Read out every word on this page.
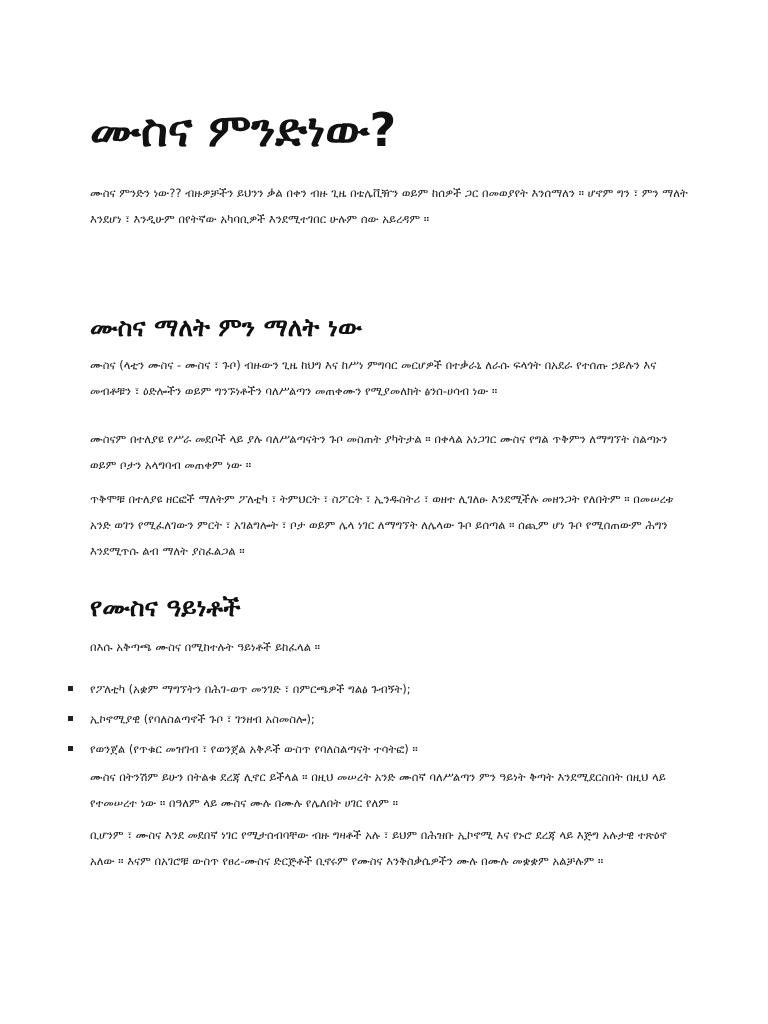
ሙስና ምንድነው?

ሙስና ምንድን ነው?? ብዙዎቻችን ይህንን ቃል በቀን ብዙ ጊዜ በቴሌቪዥን ወይም ከሰዎች ጋር በመወያየት እንሰማለን ። ሆኖም ግን ፣ ምን ማለት እንደሆነ ፣ እንዲሁም በየትኛው አካባቢዎች እንደሚተገበር ሁሉም ሰው አይረዳም ።

ሙስና ማለት ምን ማለት ነው

ሙስና (ላቲን ሙስና - ሙስና ፣ ጉቦ) ብዙውን ጊዜ ከህግ እና ከሥነ ምግባር መርሆዎች በተቃራኒ ለራሱ ፍላጎት በአደራ የተሰጡ ኃይሉን እና መብቶቹን ፣ ዕድሎችን ወይም ግንኙነቶችን ባለሥልጣን መጠቀሙን የሚያመለክት ፅንሰ-ሀሳብ ነው ።

ሙስናም በተለያዩ የሥራ መደቦች ላይ ያሉ ባለሥልጣናትን ጉቦ መስጠት ያካትታል ። በቀላል አነጋገር ሙስና የግል ጥቅምን ለማግኘት ስልጣኑን ወይም ቦታን አላግባብ መጠቀም ነው ።

ጥቅሞቹ በተለያዩ ዘርፎች ማለትም ፖለቲካ ፣ ትምህርት ፣ ስፖርት ፣ ኢንዱስትሪ ፣ ወዘተ ሊገለፁ እንደሚችሉ መዘንጋት የለበትም ። በመሠረቱ አንድ ወገን የሚፈለገውን ምርት ፣ አገልግሎት ፣ ቦታ ወይም ሌላ ነገር ለማግኘት ለሌላው ጉቦ ይሰጣል ። ሰጪም ሆነ ጉቦ የሚሰጠውም ሕግን እንደሚጥሱ ልብ ማለት ያስፈልጋል ።

የሙስና ዓይነቶች

በእሱ አቅጣጫ ሙስና በሚከተሉት ዓይነቶች ይከፈላል ።

የፖለቲካ (አቋም ማግኘትን በሕገ-ወጥ መንገድ ፣ በምርጫዎች ግልፅ ጉብኝት);
ኢኮኖሚያዊ (የባለስልጣኖች ጉቦ ፣ ገንዘብ አስመስሎ);
የወንጀል (የጥቁር መዝገብ ፣ የወንጀል አቅዶች ውስጥ የባለስልጣናት ተሳትፎ) ።

ሙስና በትንሽም ይሁን በትልቁ ደረጃ ሊኖር ይችላል ። በዚህ መሠረት አንድ ሙሰኛ ባለሥልጣን ምን ዓይነት ቅጣት እንደሚደርስበት በዚህ ላይ የተመሠረተ ነው ። በዓለም ላይ ሙስና ሙሉ በሙሉ የሌለበት ሀገር የለም ።

ቢሆንም ፣ ሙስና እንደ መደበኛ ነገር የሚታሰብባቸው ብዙ ግዛቶች አሉ ፣ ይህም በሕዝቡ ኢኮኖሚ እና የኑሮ ደረጃ ላይ እጅግ አሉታዊ ተጽዕኖ አለው ። እናም በአገሮቹ ውስጥ የፀረ-ሙስና ድርጅቶች ቢኖሩም የሙስና እንቅስቃሴዎችን ሙሉ በሙሉ መቋቋም አልቻሉም ።
